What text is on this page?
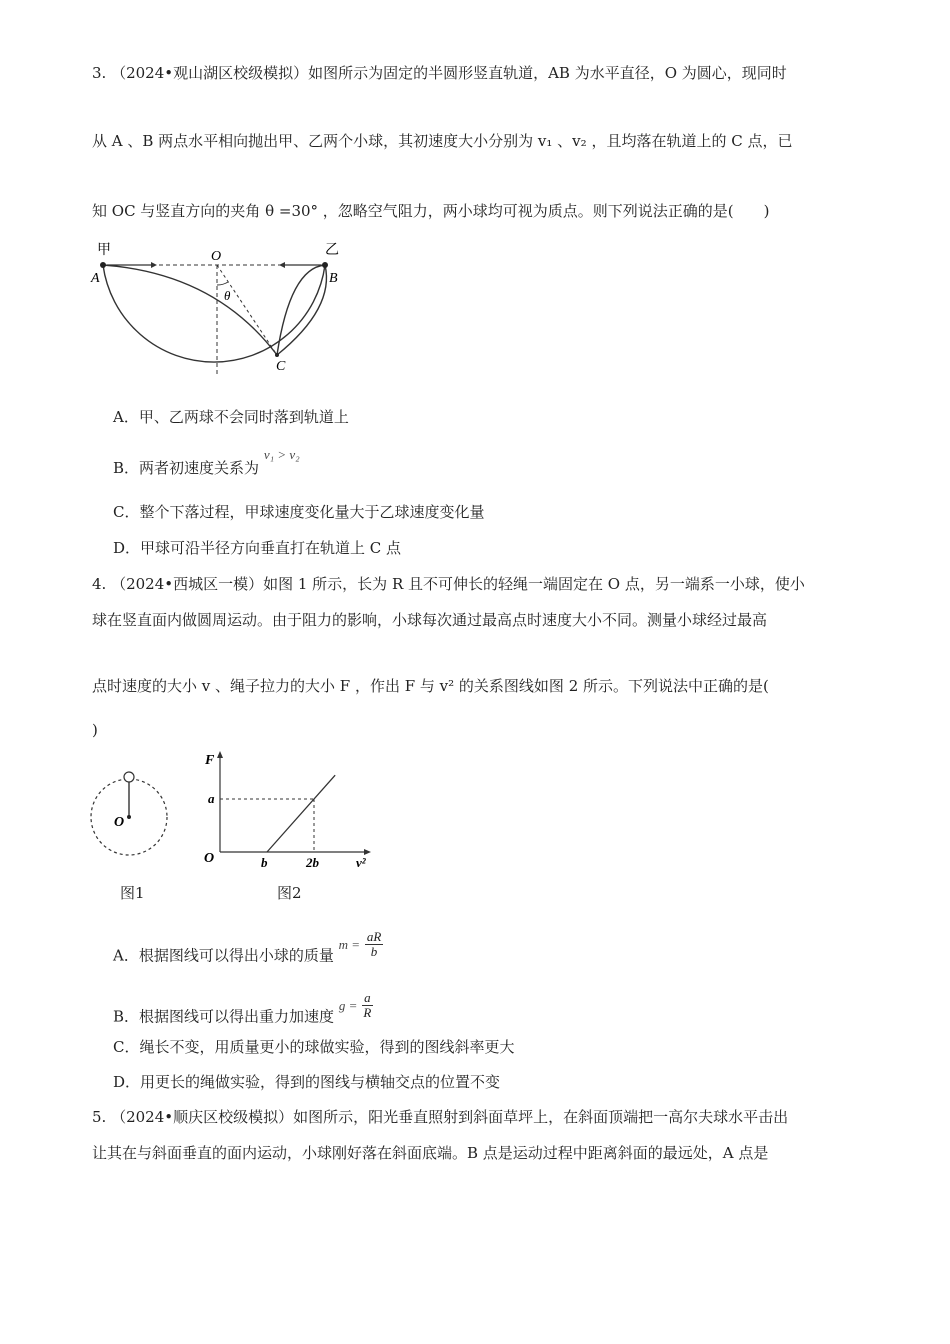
3. （2024•观山湖区校级模拟）如图所示为固定的半圆形竖直轨道，AB 为水平直径，O 为圆心，现同时
从 A 、B 两点水平相向抛出甲、乙两个小球，其初速度大小分别为 v₁ 、v₂ ，且均落在轨道上的 C 点，已
知 OC 与竖直方向的夹角 θ =30° ，忽略空气阻力，两小球均可视为质点。则下列说法正确的是(　　)
甲	乙
A	B
O
C
θ
A．甲、乙两球不会同时落到轨道上
B．两者初速度关系为 v₁ > v₂
C．整个下落过程，甲球速度变化量大于乙球速度变化量
D．甲球可沿半径方向垂直打在轨道上 C 点
4. （2024•西城区一模）如图 1 所示，长为 R 且不可伸长的轻绳一端固定在 O 点，另一端系一小球，使小
球在竖直面内做圆周运动。由于阻力的影响，小球每次通过最高点时速度大小不同。测量小球经过最高
点时速度的大小 v 、绳子拉力的大小 F ，作出 F 与 v² 的关系图线如图 2 所示。下列说法中正确的是(
)
O
图1
F
O
a
b	2b	v²
图2
A．根据图线可以得出小球的质量 $m = \frac{aR}{b}$
B．根据图线可以得出重力加速度 $g = \frac{a}{R}$
C．绳长不变，用质量更小的球做实验，得到的图线斜率更大
D．用更长的绳做实验，得到的图线与横轴交点的位置不变
5. （2024•顺庆区校级模拟）如图所示，阳光垂直照射到斜面草坪上，在斜面顶端把一高尔夫球水平击出
让其在与斜面垂直的面内运动，小球刚好落在斜面底端。B 点是运动过程中距离斜面的最远处，A 点是
